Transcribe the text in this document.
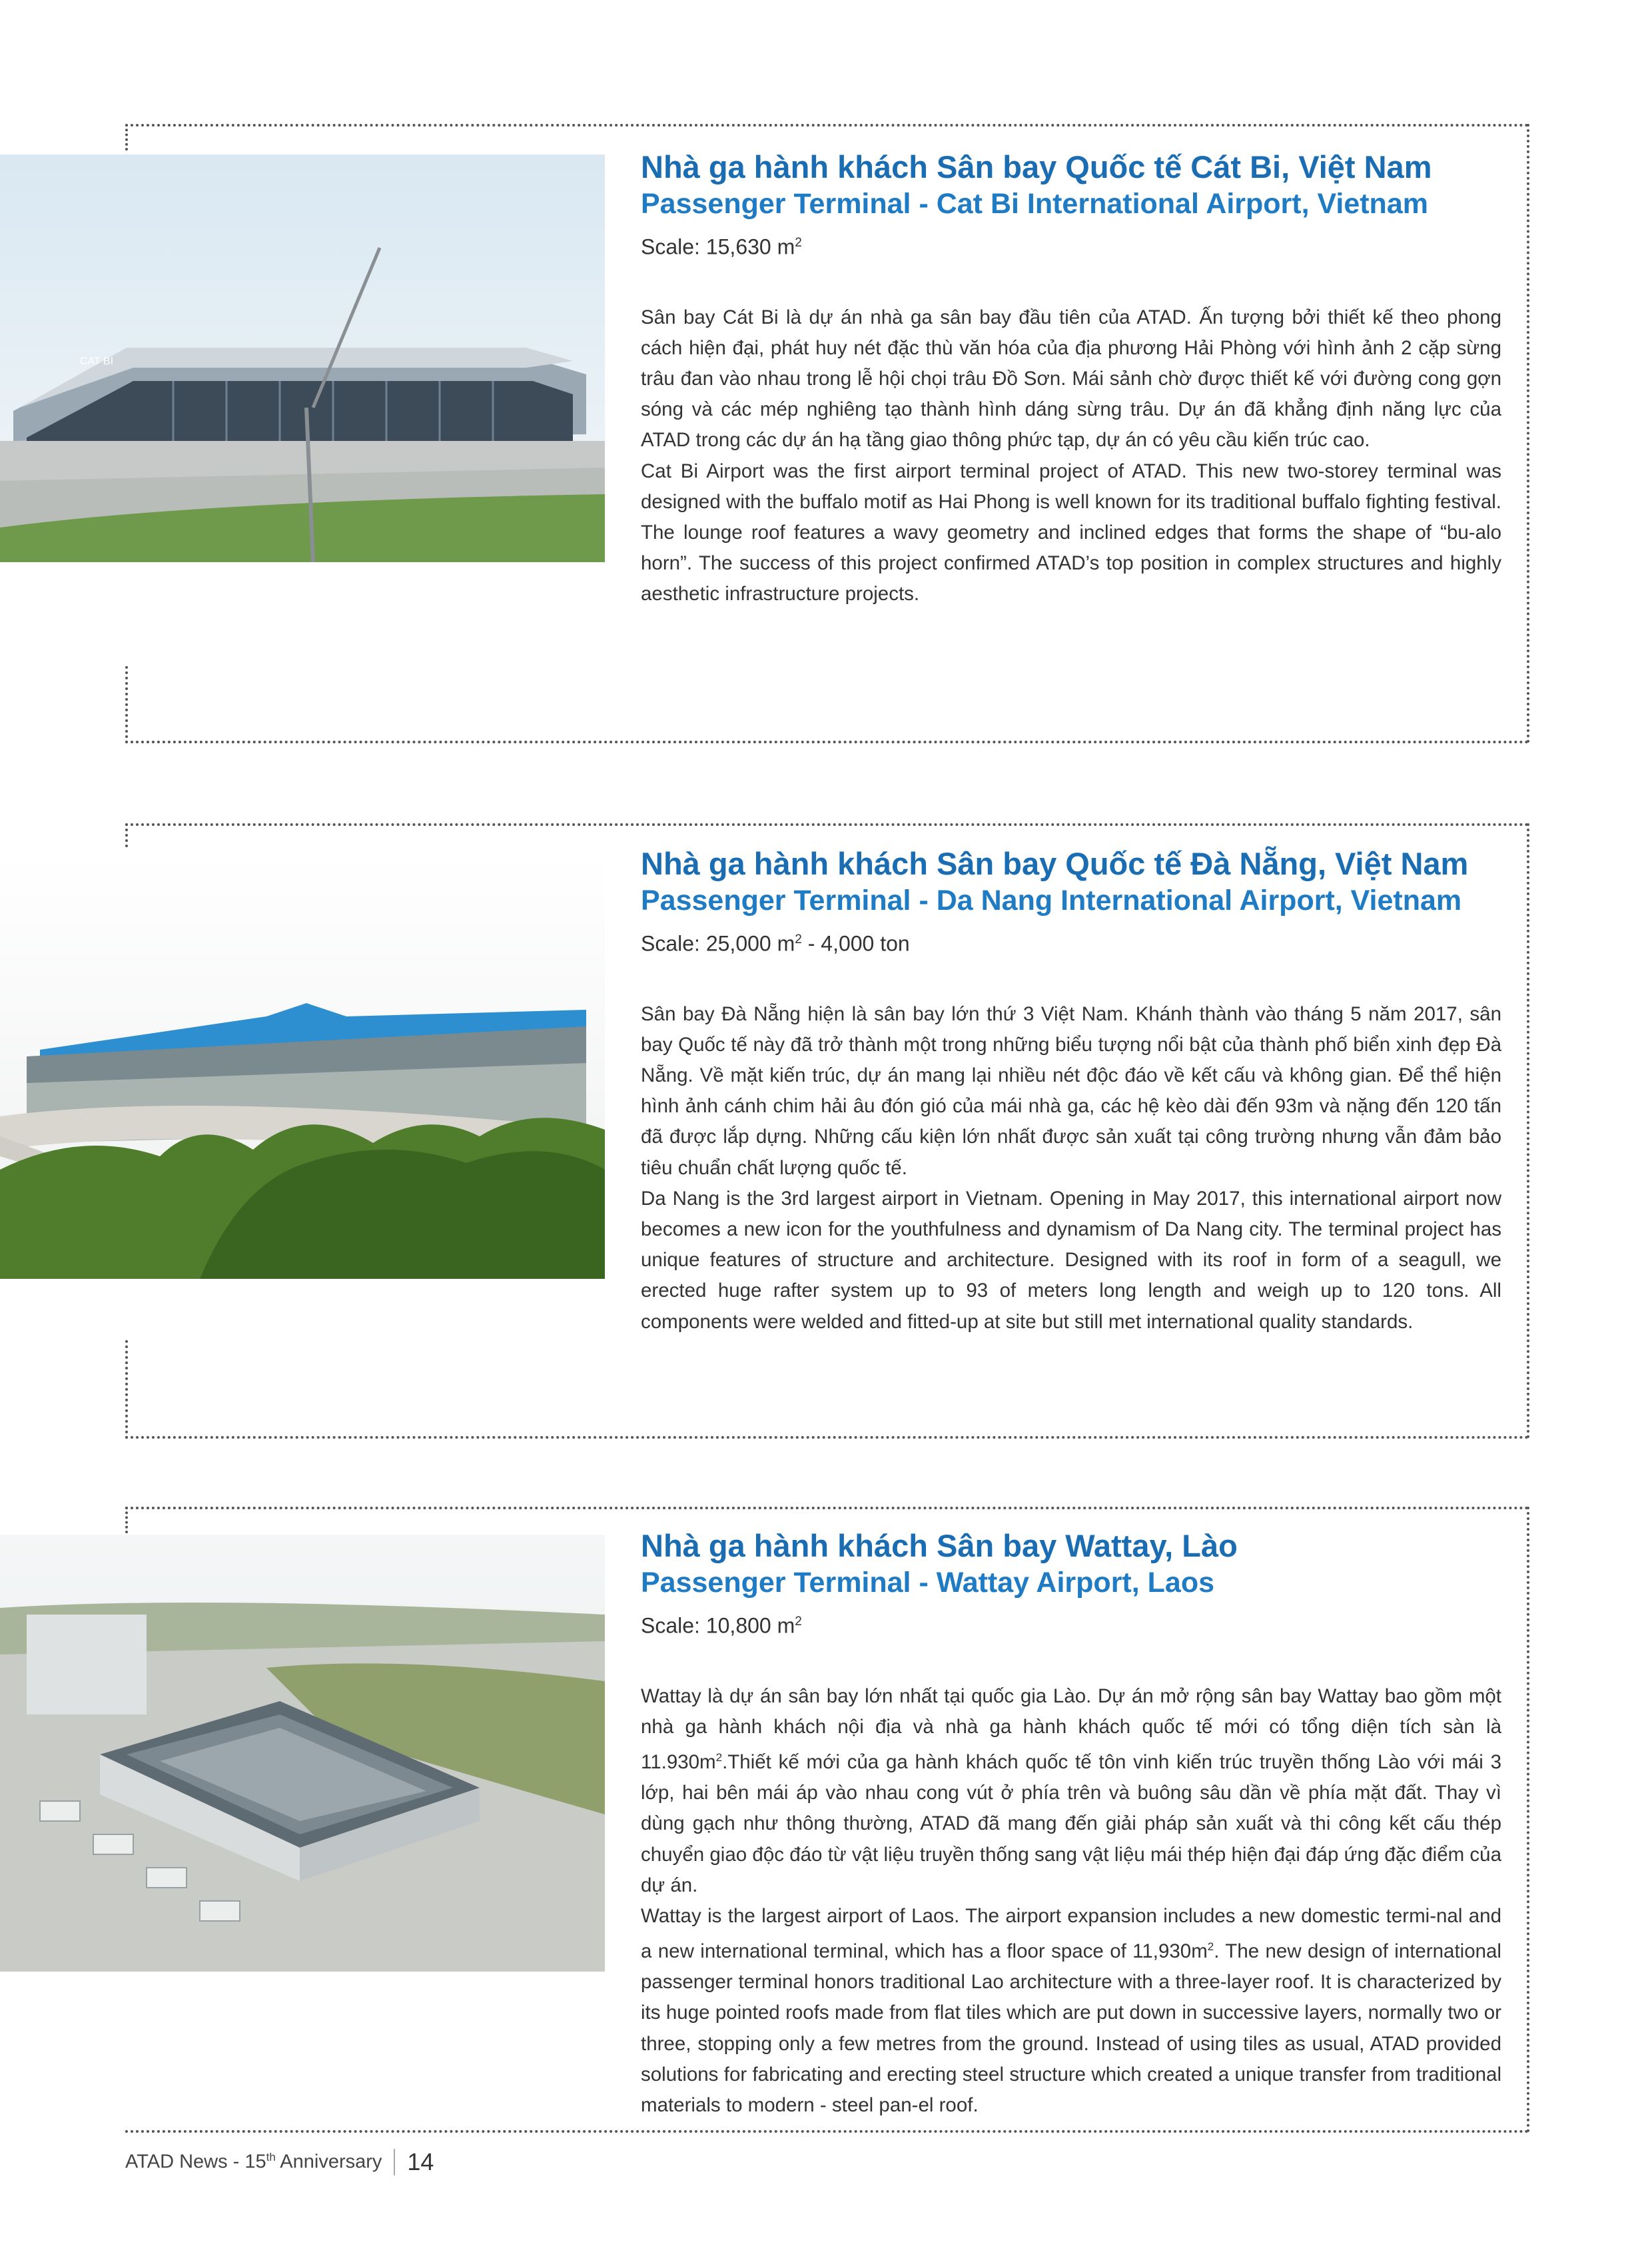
CAT BI
Nhà ga hành khách Sân bay Quốc tế Cát Bi, Việt Nam
Passenger Terminal - Cat Bi International Airport, Vietnam

Scale: 15,630 $m^2$

Sân bay Cát Bi là dự án nhà ga sân bay đầu tiên của ATAD. Ấn tượng bởi thiết kế theo phong cách hiện đại, phát huy nét đặc thù văn hóa của địa phương Hải Phòng với hình ảnh 2 cặp sừng trâu đan vào nhau trong lễ hội chọi trâu Đồ Sơn. Mái sảnh chờ được thiết kế với đường cong gợn sóng và các mép nghiêng tạo thành hình dáng sừng trâu. Dự án đã khẳng định năng lực của ATAD trong các dự án hạ tầng giao thông phức tạp, dự án có yêu cầu kiến trúc cao.

Cat Bi Airport was the first airport terminal project of ATAD. This new two-storey terminal was designed with the buffalo motif as Hai Phong is well known for its traditional buffalo fighting festival. The lounge roof features a wavy geometry and inclined edges that forms the shape of “bu-alo horn”. The success of this project confirmed ATAD’s top position in complex structures and highly aesthetic infrastructure projects.

Nhà ga hành khách Sân bay Quốc tế Đà Nẵng, Việt Nam
Passenger Terminal - Da Nang International Airport, Vietnam

Scale: 25,000 $m^2 - 4,000$ ton

Sân bay Đà Nẵng hiện là sân bay lớn thứ 3 Việt Nam. Khánh thành vào tháng 5 năm 2017, sân bay Quốc tế này đã trở thành một trong những biểu tượng nổi bật của thành phố biển xinh đẹp Đà Nẵng. Về mặt kiến trúc, dự án mang lại nhiều nét độc đáo về kết cấu và không gian. Để thể hiện hình ảnh cánh chim hải âu đón gió của mái nhà ga, các hệ kèo dài đến 93m và nặng đến 120 tấn đã được lắp dựng. Những cấu kiện lớn nhất được sản xuất tại công trường nhưng vẫn đảm bảo tiêu chuẩn chất lượng quốc tế.

Da Nang is the 3rd largest airport in Vietnam. Opening in May 2017, this international airport now becomes a new icon for the youthfulness and dynamism of Da Nang city. The terminal project has unique features of structure and architecture. Designed with its roof in form of a seagull, we erected huge rafter system up to 93 of meters long length and weigh up to 120 tons. All components were welded and fitted-up at site but still met international quality standards.

Nhà ga hành khách Sân bay Wattay, Lào
Passenger Terminal - Wattay Airport, Laos

Scale: 10,800 $m^2$

Wattay là dự án sân bay lớn nhất tại quốc gia Lào. Dự án mở rộng sân bay Wattay bao gồm một nhà ga hành khách nội địa và nhà ga hành khách quốc tế mới có tổng diện tích sàn là $11.930m^2.Thiết$ kế mới của ga hành khách quốc tế tôn vinh kiến trúc truyền thống Lào với mái 3 lớp, hai bên mái áp vào nhau cong vút ở phía trên và buông sâu dần về phía mặt đất. Thay vì dùng gạch như thông thường, ATAD đã mang đến giải pháp sản xuất và thi công kết cấu thép chuyển giao độc đáo từ vật liệu truyền thống sang vật liệu mái thép hiện đại đáp ứng đặc điểm của dự án.

Wattay is the largest airport of Laos. The airport expansion includes a new domestic termi-nal and a new international terminal, which has a floor space of $11,930m^2$. The new design of international passenger terminal honors traditional Lao architecture with a three-layer roof. It is characterized by its huge pointed roofs made from flat tiles which are put down in successive layers, normally two or three, stopping only a few metres from the ground. Instead of using tiles as usual, ATAD provided solutions for fabricating and erecting steel structure which created a unique transfer from traditional materials to modern - steel pan-el roof.

ATAD News - 15th Anniversary 14
